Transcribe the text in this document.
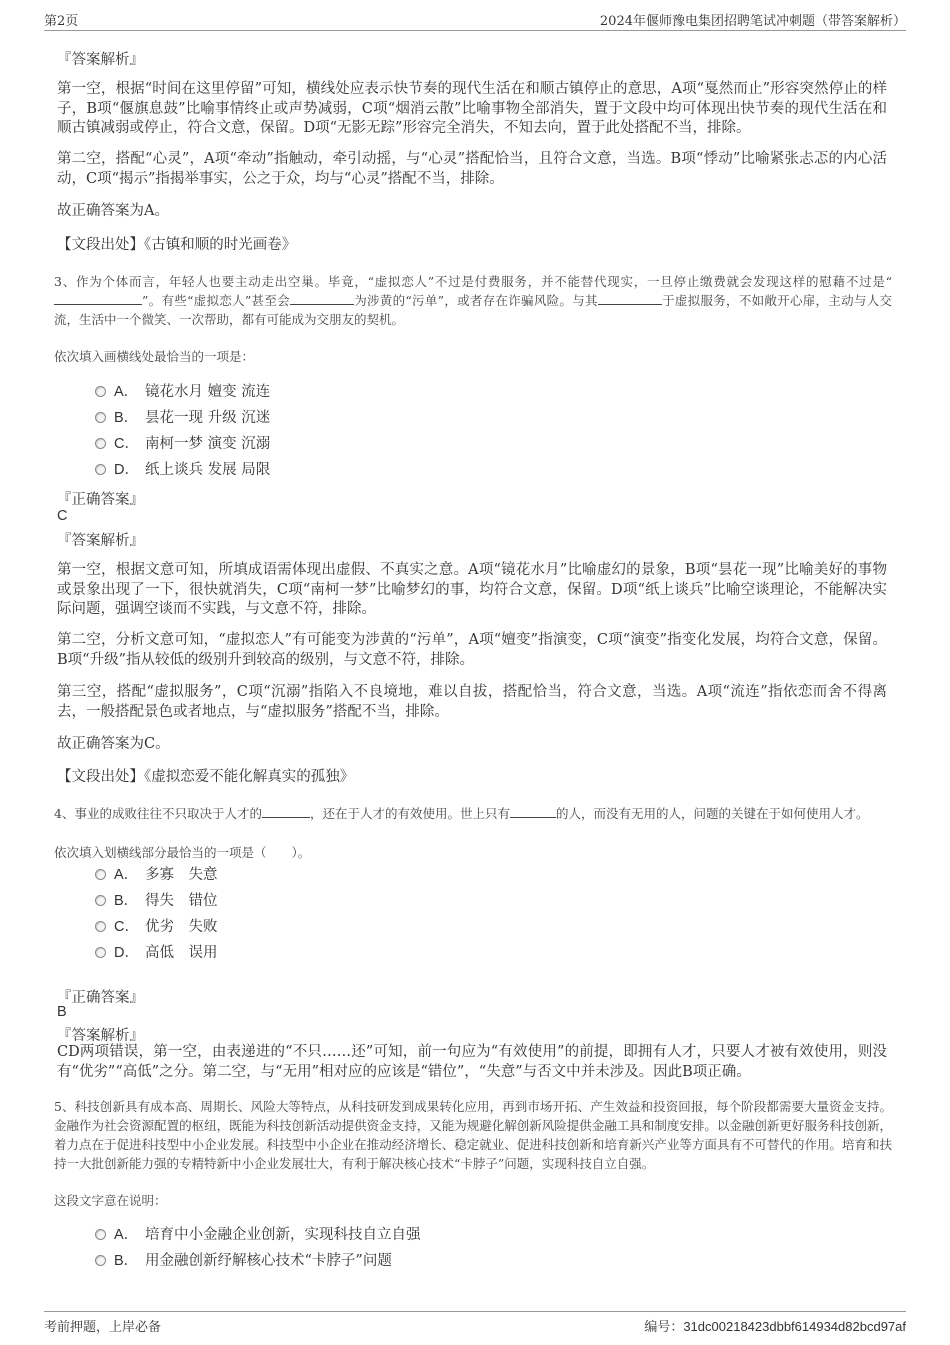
第2页	2024年偃师豫电集团招聘笔试冲刺题（带答案解析）
『答案解析』
第一空，根据“时间在这里停留”可知，横线处应表示快节奏的现代生活在和顺古镇停止的意思，A项“戛然而止”形容突然停止的样子，B项“偃旗息鼓”比喻事情终止或声势减弱，C项“烟消云散”比喻事物全部消失，置于文段中均可体现出快节奏的现代生活在和顺古镇减弱或停止，符合文意，保留。D项“无影无踪”形容完全消失，不知去向，置于此处搭配不当，排除。
第二空，搭配“心灵”，A项“牵动”指触动，牵引动摇，与“心灵”搭配恰当，且符合文意，当选。B项“悸动”比喻紧张忐忑的内心活动，C项“揭示”指揭举事实，公之于众，均与“心灵”搭配不当，排除。
故正确答案为A。
【文段出处】《古镇和顺的时光画卷》
3、作为个体而言，年轻人也要主动走出空巢。毕竟，“虚拟恋人”不过是付费服务，并不能替代现实，一旦停止缴费就会发现这样的慰藉不过是“”。有些“虚拟恋人”甚至会	为涉黄的“污单”，或者存在诈骗风险。与其	于虚拟服务，不如敞开心扉，主动与人交流，生活中一个微笑、一次帮助，都有可能成为交朋友的契机。
依次填入画横线处最恰当的一项是：
A． 镜花水月 嬗变 流连
B． 昙花一现 升级 沉迷
C． 南柯一梦 演变 沉溺
D． 纸上谈兵 发展 局限
『正确答案』
C
『答案解析』
第一空，根据文意可知，所填成语需体现出虚假、不真实之意。A项“镜花水月”比喻虚幻的景象，B项“昙花一现”比喻美好的事物或景象出现了一下，很快就消失，C项“南柯一梦”比喻梦幻的事，均符合文意，保留。D项“纸上谈兵”比喻空谈理论，不能解决实际问题，强调空谈而不实践，与文意不符，排除。
第二空，分析文意可知，“虚拟恋人”有可能变为涉黄的“污单”，A项“嬗变”指演变，C项“演变”指变化发展，均符合文意，保留。B项“升级”指从较低的级别升到较高的级别，与文意不符，排除。
第三空，搭配“虚拟服务”，C项“沉溺”指陷入不良境地，难以自拔，搭配恰当，符合文意，当选。A项“流连”指依恋而舍不得离去，一般搭配景色或者地点，与“虚拟服务”搭配不当，排除。
故正确答案为C。
【文段出处】《虚拟恋爱不能化解真实的孤独》
4、事业的成败往往不只取决于人才的	，还在于人才的有效使用。世上只有	的人，而没有无用的人，问题的关键在于如何使用人才。
依次填入划横线部分最恰当的一项是（　　）。
A． 多寡　失意
B． 得失　错位
C． 优劣　失败
D． 高低　误用
『正确答案』
B
『答案解析』
CD两项错误，第一空，由表递进的“不只……还”可知，前一句应为“有效使用”的前提，即拥有人才，只要人才被有效使用，则没有“优劣”“高低”之分。第二空，与“无用”相对应的应该是“错位”，“失意”与否文中并未涉及。因此B项正确。
5、科技创新具有成本高、周期长、风险大等特点，从科技研发到成果转化应用，再到市场开拓、产生效益和投资回报，每个阶段都需要大量资金支持。金融作为社会资源配置的枢纽，既能为科技创新活动提供资金支持，又能为规避化解创新风险提供金融工具和制度安排。以金融创新更好服务科技创新，着力点在于促进科技型中小企业发展。科技型中小企业在推动经济增长、稳定就业、促进科技创新和培育新兴产业等方面具有不可替代的作用。培育和扶持一大批创新能力强的专精特新中小企业发展壮大，有利于解决核心技术“卡脖子”问题，实现科技自立自强。
这段文字意在说明：
A． 培育中小金融企业创新，实现科技自立自强
B． 用金融创新纾解核心技术“卡脖子”问题
考前押题，上岸必备	编号：31dc00218423dbbf614934d82bcd97af
